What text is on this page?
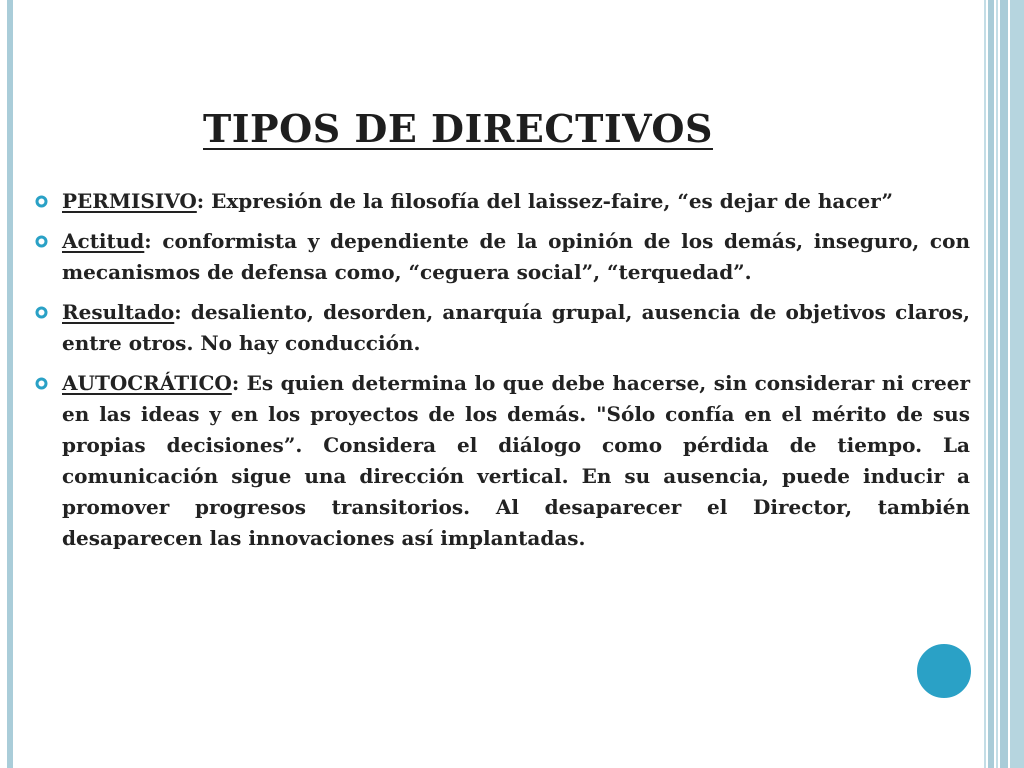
TIPOS DE DIRECTIVOS
PERMISIVO: Expresión de la filosofía del laissez-faire, “es dejar de hacer”
Actitud: conformista y dependiente de la opinión de los demás, inseguro, con mecanismos de defensa como, “ceguera social”, “terquedad”.
Resultado: desaliento, desorden, anarquía grupal, ausencia de objetivos claros, entre otros. No hay conducción.
AUTOCRÁTICO: Es quien determina lo que debe hacerse, sin considerar ni creer en las ideas y en los proyectos de los demás. "Sólo confía en el mérito de sus propias decisiones”. Considera el diálogo como pérdida de tiempo. La comunicación sigue una dirección vertical. En su ausencia, puede inducir a promover progresos transitorios. Al desaparecer el Director, también desaparecen las innovaciones así implantadas.
